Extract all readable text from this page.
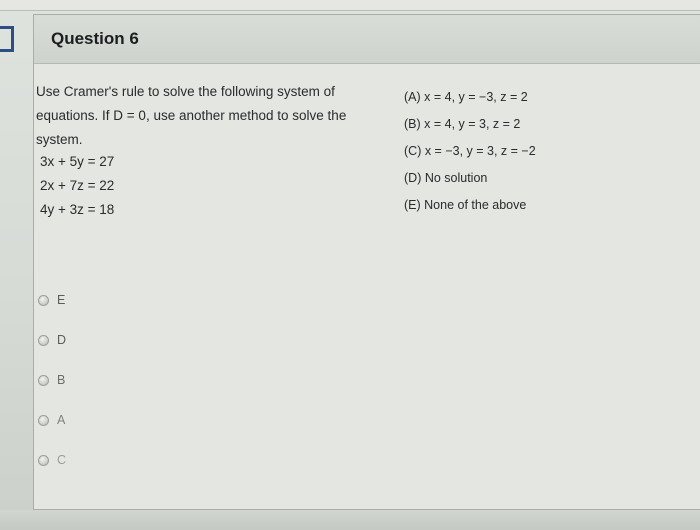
Question 6
Use Cramer's rule to solve the following system of
equations. If D = 0, use another method to solve the
system.
3x + 5y = 27
2x + 7z = 22
4y + 3z = 18
(A) x = 4, y = −3, z = 2
(B) x = 4, y = 3, z = 2
(C) x = −3, y = 3, z = −2
(D) No solution
(E) None of the above
E
D
B
A
C
